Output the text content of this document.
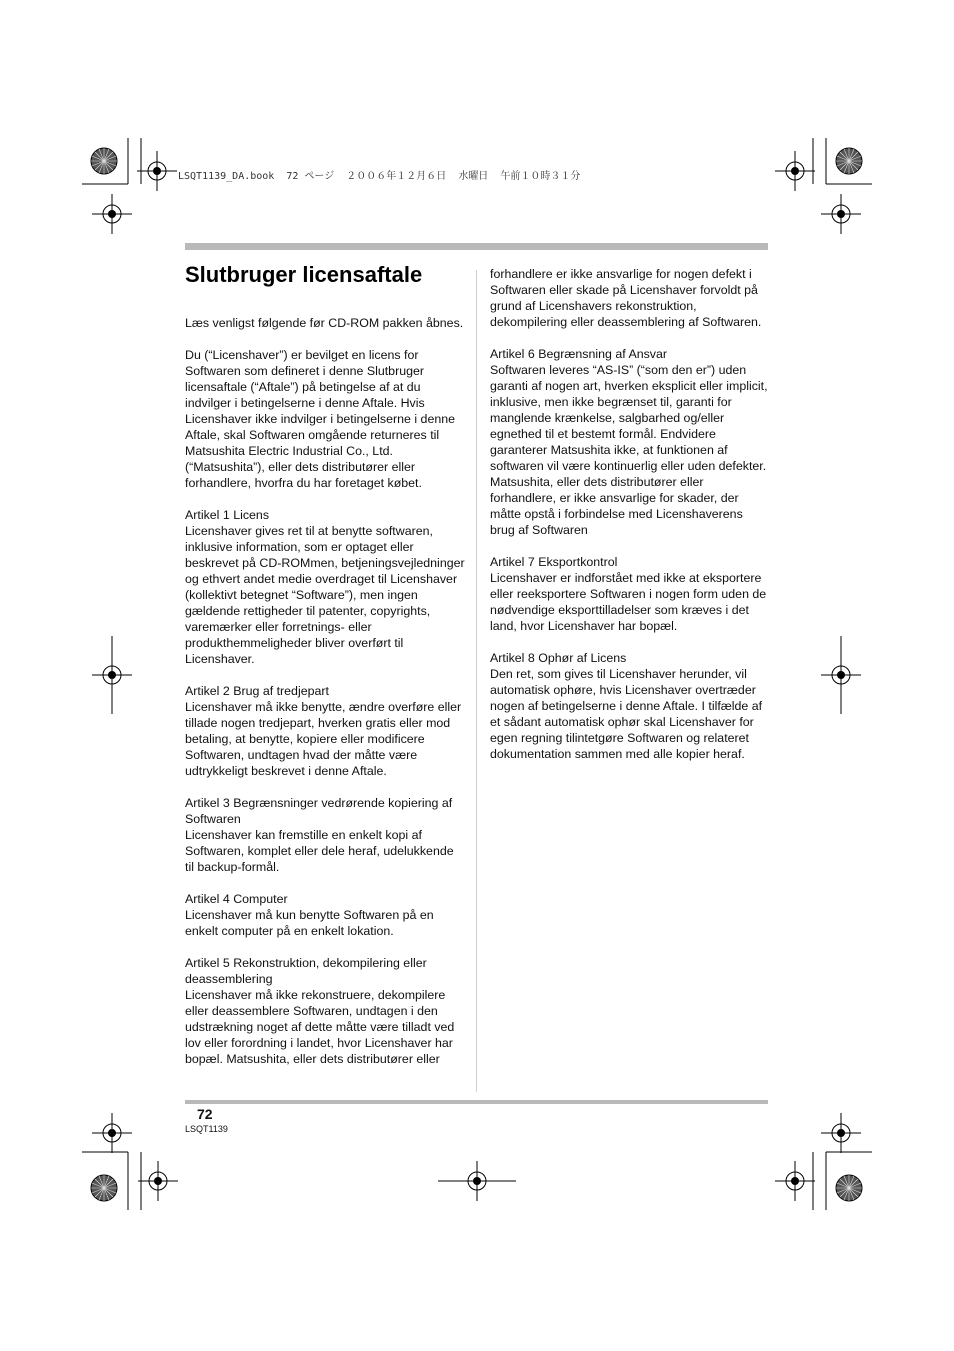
LSQT1139_DA.book  72 ページ  ２００６年１２月６日  水曜日  午前１０時３１分
Slutbruger licensaftale

Læs venligst følgende før CD-ROM pakken åbnes.

Du (“Licenshaver”) er bevilget en licens for Softwaren som defineret i denne Slutbruger licensaftale (“Aftale”) på betingelse af at du indvilger i betingelserne i denne Aftale. Hvis Licenshaver ikke indvilger i betingelserne i denne Aftale, skal Softwaren omgående returneres til Matsushita Electric Industrial Co., Ltd. (“Matsushita”), eller dets distributører eller forhandlere, hvorfra du har foretaget købet.

Artikel 1 Licens
Licenshaver gives ret til at benytte softwaren, inklusive information, som er optaget eller beskrevet på CD-ROMmen, betjeningsvejledninger og ethvert andet medie overdraget til Licenshaver (kollektivt betegnet “Software”), men ingen gældende rettigheder til patenter, copyrights, varemærker eller forretnings- eller produkthemmeligheder bliver overført til Licenshaver.

Artikel 2 Brug af tredjepart
Licenshaver må ikke benytte, ændre overføre eller tillade nogen tredjepart, hverken gratis eller mod betaling, at benytte, kopiere eller modificere Softwaren, undtagen hvad der måtte være udtrykkeligt beskrevet i denne Aftale.

Artikel 3 Begrænsninger vedrørende kopiering af Softwaren
Licenshaver kan fremstille en enkelt kopi af Softwaren, komplet eller dele heraf, udelukkende til backup-formål.

Artikel 4 Computer
Licenshaver må kun benytte Softwaren på en enkelt computer på en enkelt lokation.

Artikel 5 Rekonstruktion, dekompilering eller deassemblering
Licenshaver må ikke rekonstruere, dekompilere eller deassemblere Softwaren, undtagen i den udstrækning noget af dette måtte være tilladt ved lov eller forordning i landet, hvor Licenshaver har bopæl. Matsushita, eller dets distributører eller

forhandlere er ikke ansvarlige for nogen defekt i Softwaren eller skade på Licenshaver forvoldt på grund af Licenshavers rekonstruktion, dekompilering eller deassemblering af Softwaren.

Artikel 6 Begrænsning af Ansvar
Softwaren leveres “AS-IS” (“som den er”) uden garanti af nogen art, hverken eksplicit eller implicit, inklusive, men ikke begrænset til, garanti for manglende krænkelse, salgbarhed og/eller egnethed til et bestemt formål. Endvidere garanterer Matsushita ikke, at funktionen af softwaren vil være kontinuerlig eller uden defekter. Matsushita, eller dets distributører eller forhandlere, er ikke ansvarlige for skader, der måtte opstå i forbindelse med Licenshaverens brug af Softwaren

Artikel 7 Eksportkontrol
Licenshaver er indforstået med ikke at eksportere eller reeksportere Softwaren i nogen form uden de nødvendige eksporttilladelser som kræves i det land, hvor Licenshaver har bopæl.

Artikel 8 Ophør af Licens
Den ret, som gives til Licenshaver herunder, vil automatisk ophøre, hvis Licenshaver overtræder nogen af betingelserne i denne Aftale. I tilfælde af et sådant automatisk ophør skal Licenshaver for egen regning tilintetgøre Softwaren og relateret dokumentation sammen med alle kopier heraf.

72
LSQT1139
